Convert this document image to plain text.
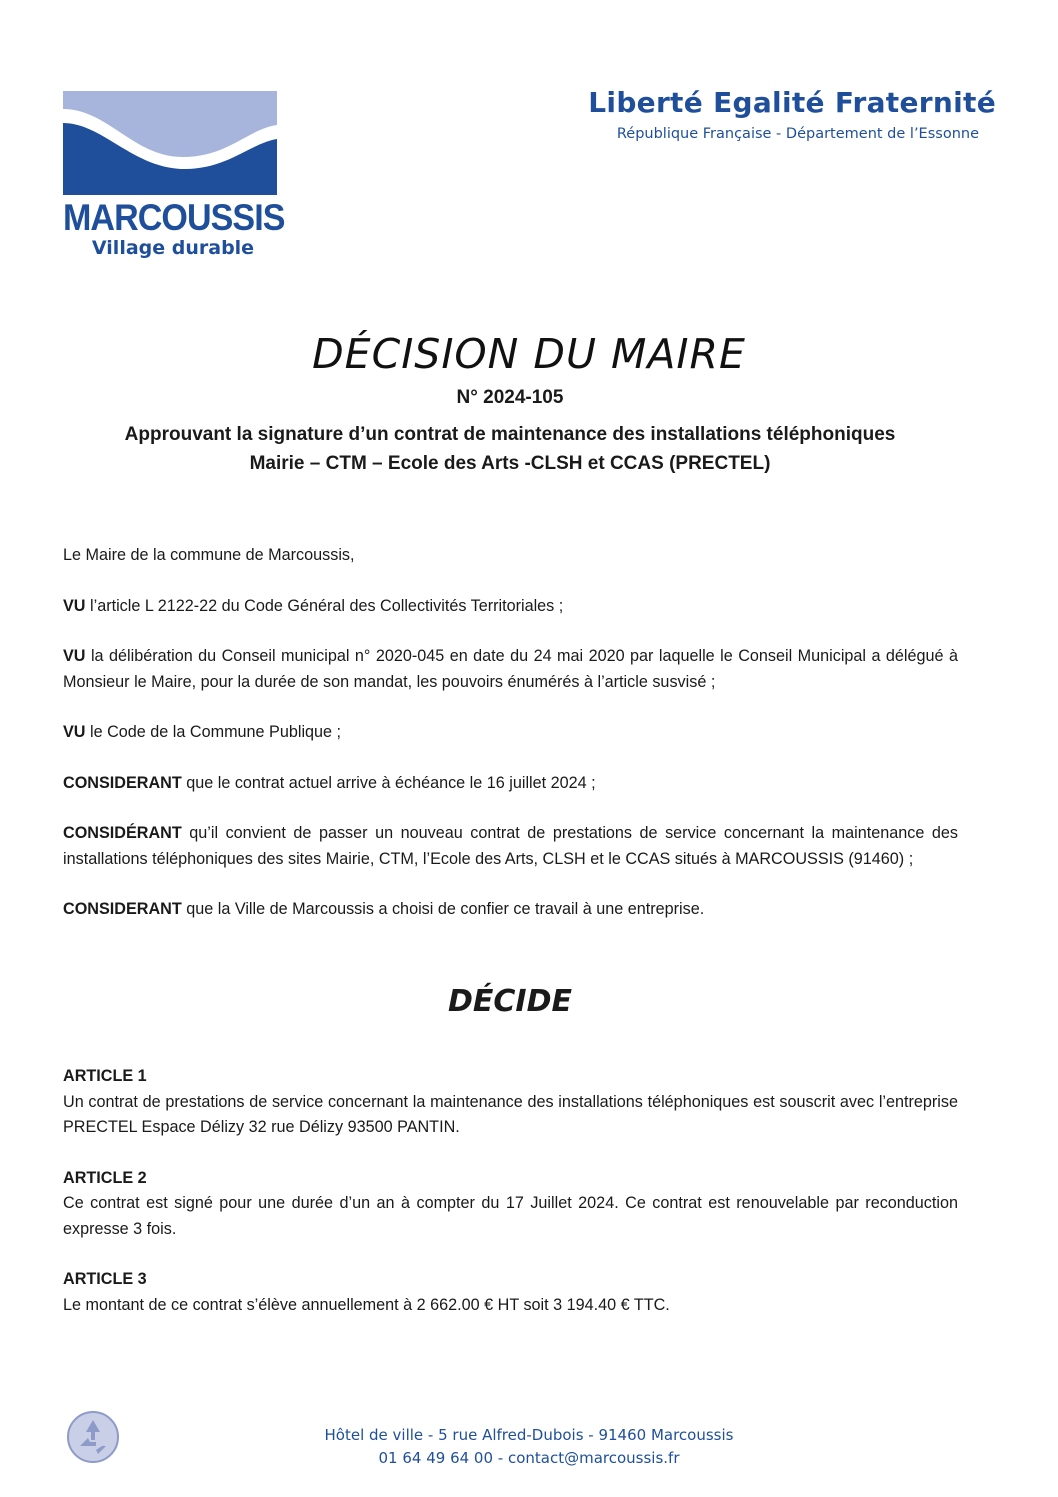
MARCOUSSIS
Village durable
Liberté Egalité Fraternité
République Française - Département de l’Essonne
DÉCISION DU MAIRE
N° 2024-105
Approuvant la signature d’un contrat de maintenance des installations téléphoniques
Mairie – CTM – Ecole des Arts -CLSH et CCAS (PRECTEL)

Le Maire de la commune de Marcoussis,

VU l’article L 2122-22 du Code Général des Collectivités Territoriales ;

VU la délibération du Conseil municipal n° 2020-045 en date du 24 mai 2020 par laquelle le Conseil Municipal a délégué à Monsieur le Maire, pour la durée de son mandat, les pouvoirs énumérés à l’article susvisé ;

VU le Code de la Commune Publique ;

CONSIDERANT que le contrat actuel arrive à échéance le 16 juillet 2024 ;

CONSIDÉRANT qu’il convient de passer un nouveau contrat de prestations de service concernant la maintenance des installations téléphoniques des sites Mairie, CTM, l’Ecole des Arts, CLSH et le CCAS situés à MARCOUSSIS (91460) ;

CONSIDERANT que la Ville de Marcoussis a choisi de confier ce travail à une entreprise.

DÉCIDE
ARTICLE 1
Un contrat de prestations de service concernant la maintenance des installations téléphoniques est souscrit avec l’entreprise PRECTEL Espace Délizy 32 rue Délizy 93500 PANTIN.
ARTICLE 2
Ce contrat est signé pour une durée d’un an à compter du 17 Juillet 2024. Ce contrat est renouvelable par reconduction expresse 3 fois.
ARTICLE 3
Le montant de ce contrat s’élève annuellement à 2 662.00 € HT soit 3 194.40 € TTC.
Hôtel de ville - 5 rue Alfred-Dubois - 91460 Marcoussis
01 64 49 64 00 - contact@marcoussis.fr
